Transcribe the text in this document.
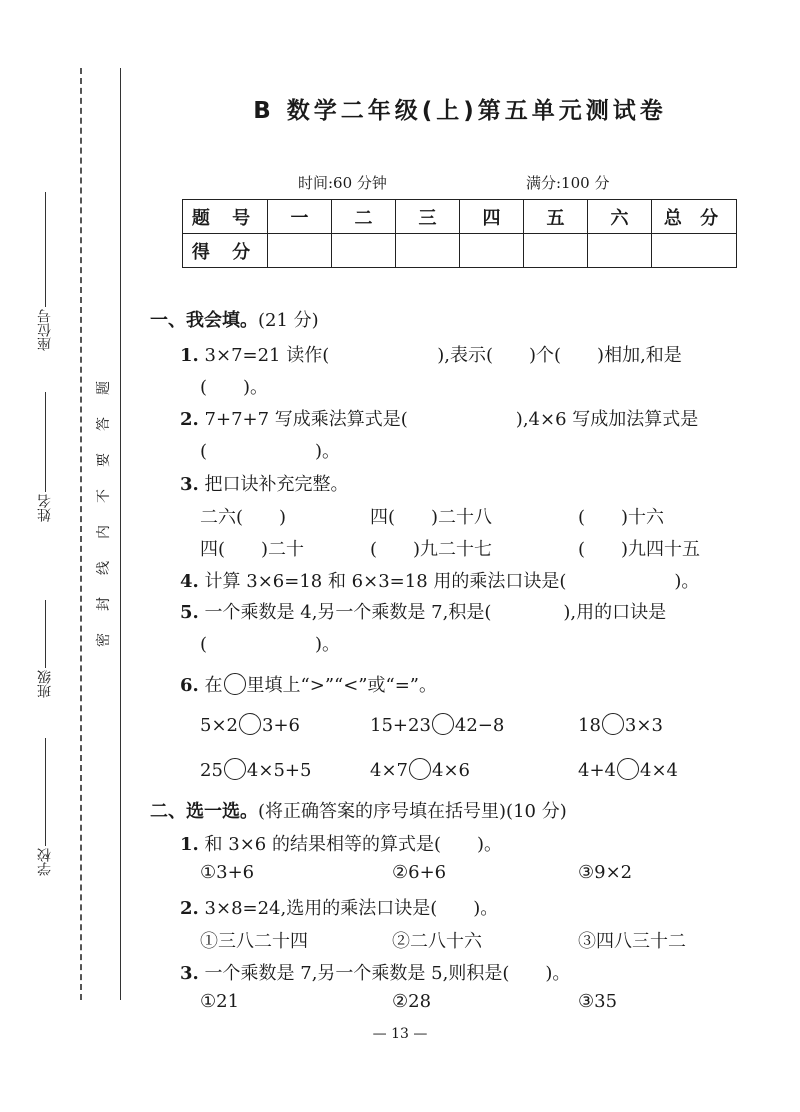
座位号
姓名
班级
学校
题
答
要
不
内
线
封
密
B 数学二年级(上)第五单元测试卷
时间:60 分钟	满分:100 分
题 号	一	二	三	四	五	六	总 分
得 分							
一、我会填。(21 分)
1. 3×7=21 读作(　　　　　　),表示(　　)个(　　)相加,和是
(　　)。
2. 7+7+7 写成乘法算式是(　　　　　　),4×6 写成加法算式是
(　　　　　　)。
3. 把口诀补充完整。
二六(　　)	四(　　)二十八	(　　)十六
四(　　)二十	(　　)九二十七	(　　)九四十五
4. 计算 3×6=18 和 6×3=18 用的乘法口诀是(　　　　　　)。
5. 一个乘数是 4,另一个乘数是 7,积是(　　　　),用的口诀是
(　　　　　　)。
6. 在 里填上“>”“<”或“=”。
5×2 3+6	15+23 42−8	18 3×3
25 4×5+5	4×7 4×6	4+4 4×4
二、选一选。(将正确答案的序号填在括号里)(10 分)
1. 和 3×6 的结果相等的算式是(　　)。
①3+6	②6+6	③9×2
2. 3×8=24,选用的乘法口诀是(　　)。
①三八二十四	②二八十六	③四八三十二
3. 一个乘数是 7,另一个乘数是 5,则积是(　　)。
①21	②28	③35
— 13 —
